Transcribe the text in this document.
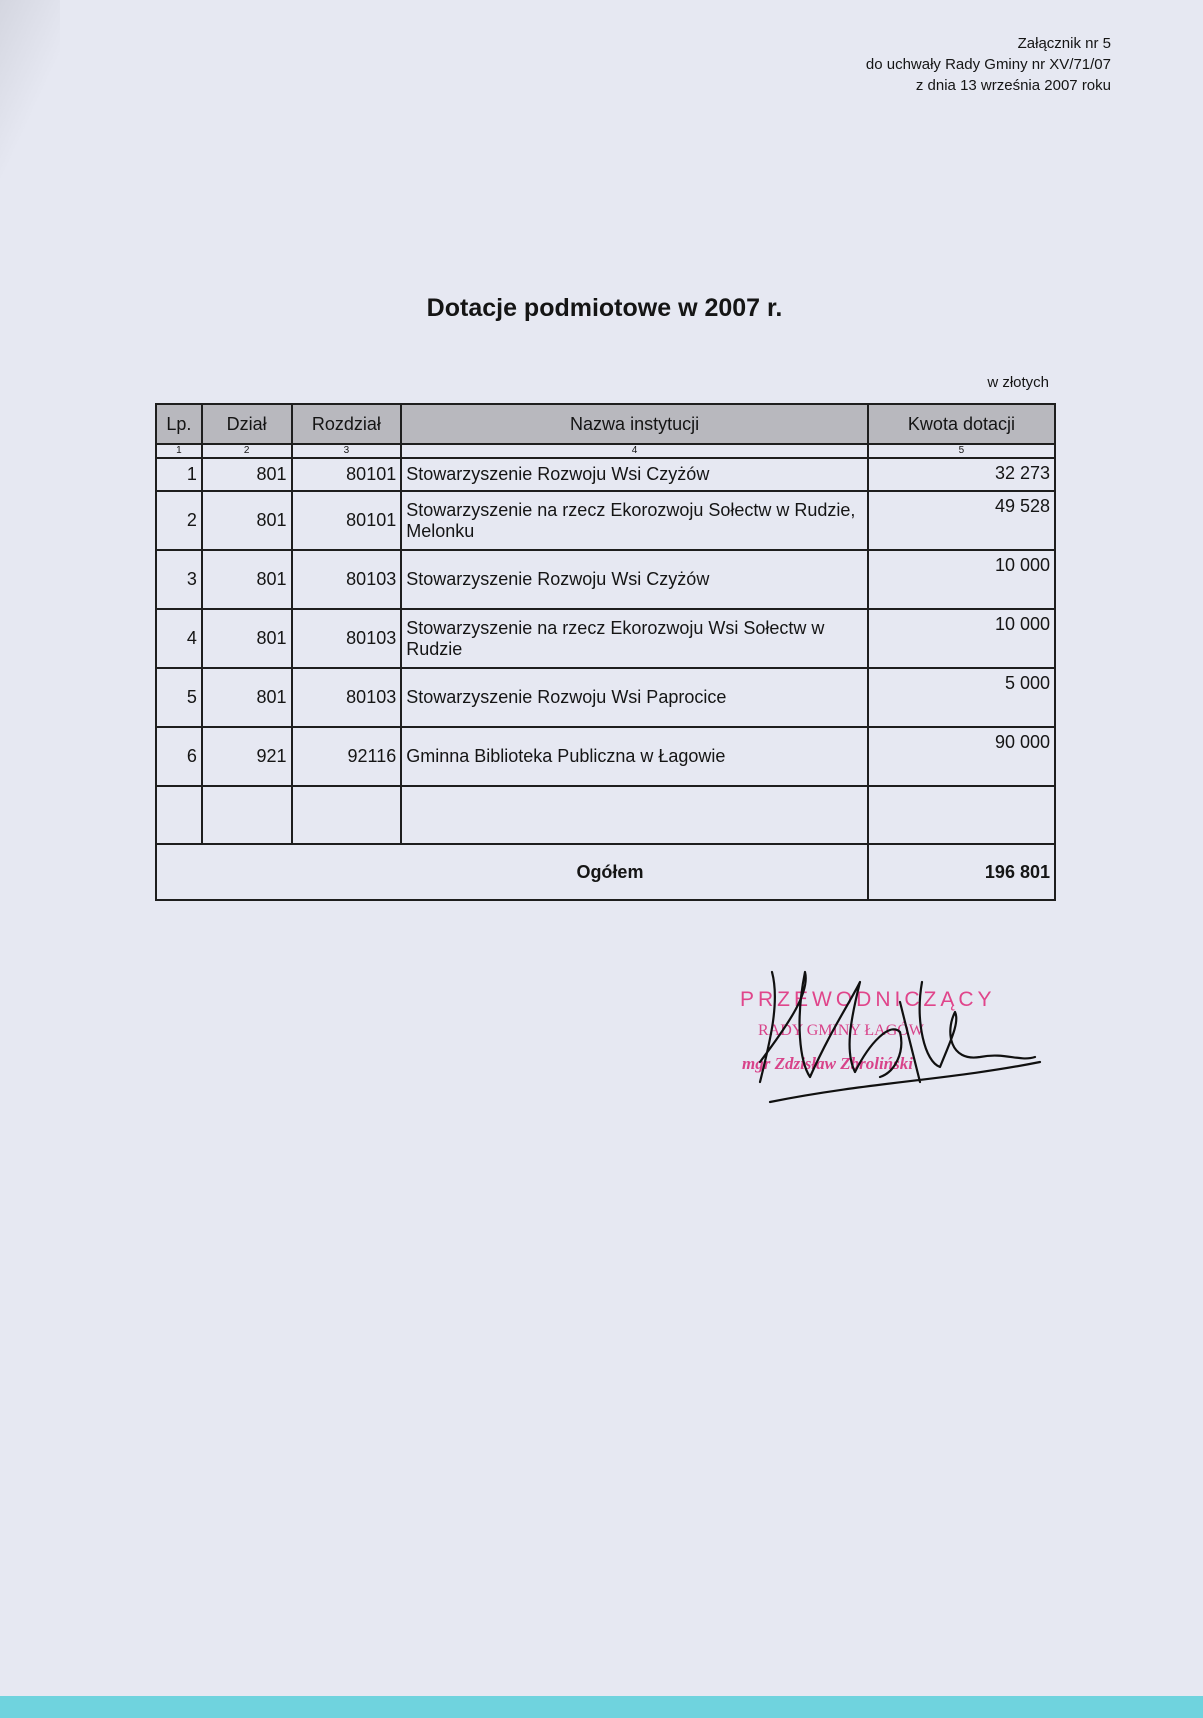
Załącznik nr 5
do uchwały Rady Gminy nr XV/71/07
z dnia 13 września 2007 roku
Dotacje podmiotowe w 2007 r.
w złotych
Lp.	Dział	Rozdział	Nazwa instytucji	Kwota dotacji
1	2	3	4	5
1	801	80101	Stowarzyszenie Rozwoju Wsi Czyżów	32 273
2	801	80101	Stowarzyszenie na rzecz Ekorozwoju Sołectw w Rudzie, Melonku	49 528
3	801	80103	Stowarzyszenie Rozwoju Wsi Czyżów	10 000
4	801	80103	Stowarzyszenie na rzecz Ekorozwoju Wsi Sołectw w Rudzie	10 000
5	801	80103	Stowarzyszenie Rozwoju Wsi Paprocice	5 000
6	921	92116	Gminna Biblioteka Publiczna w Łagowie	90 000

Ogółem				196 801
PRZEWODNICZĄCY
RADY GMINY ŁAGÓW
mgr Zdzisław Zbroliński
